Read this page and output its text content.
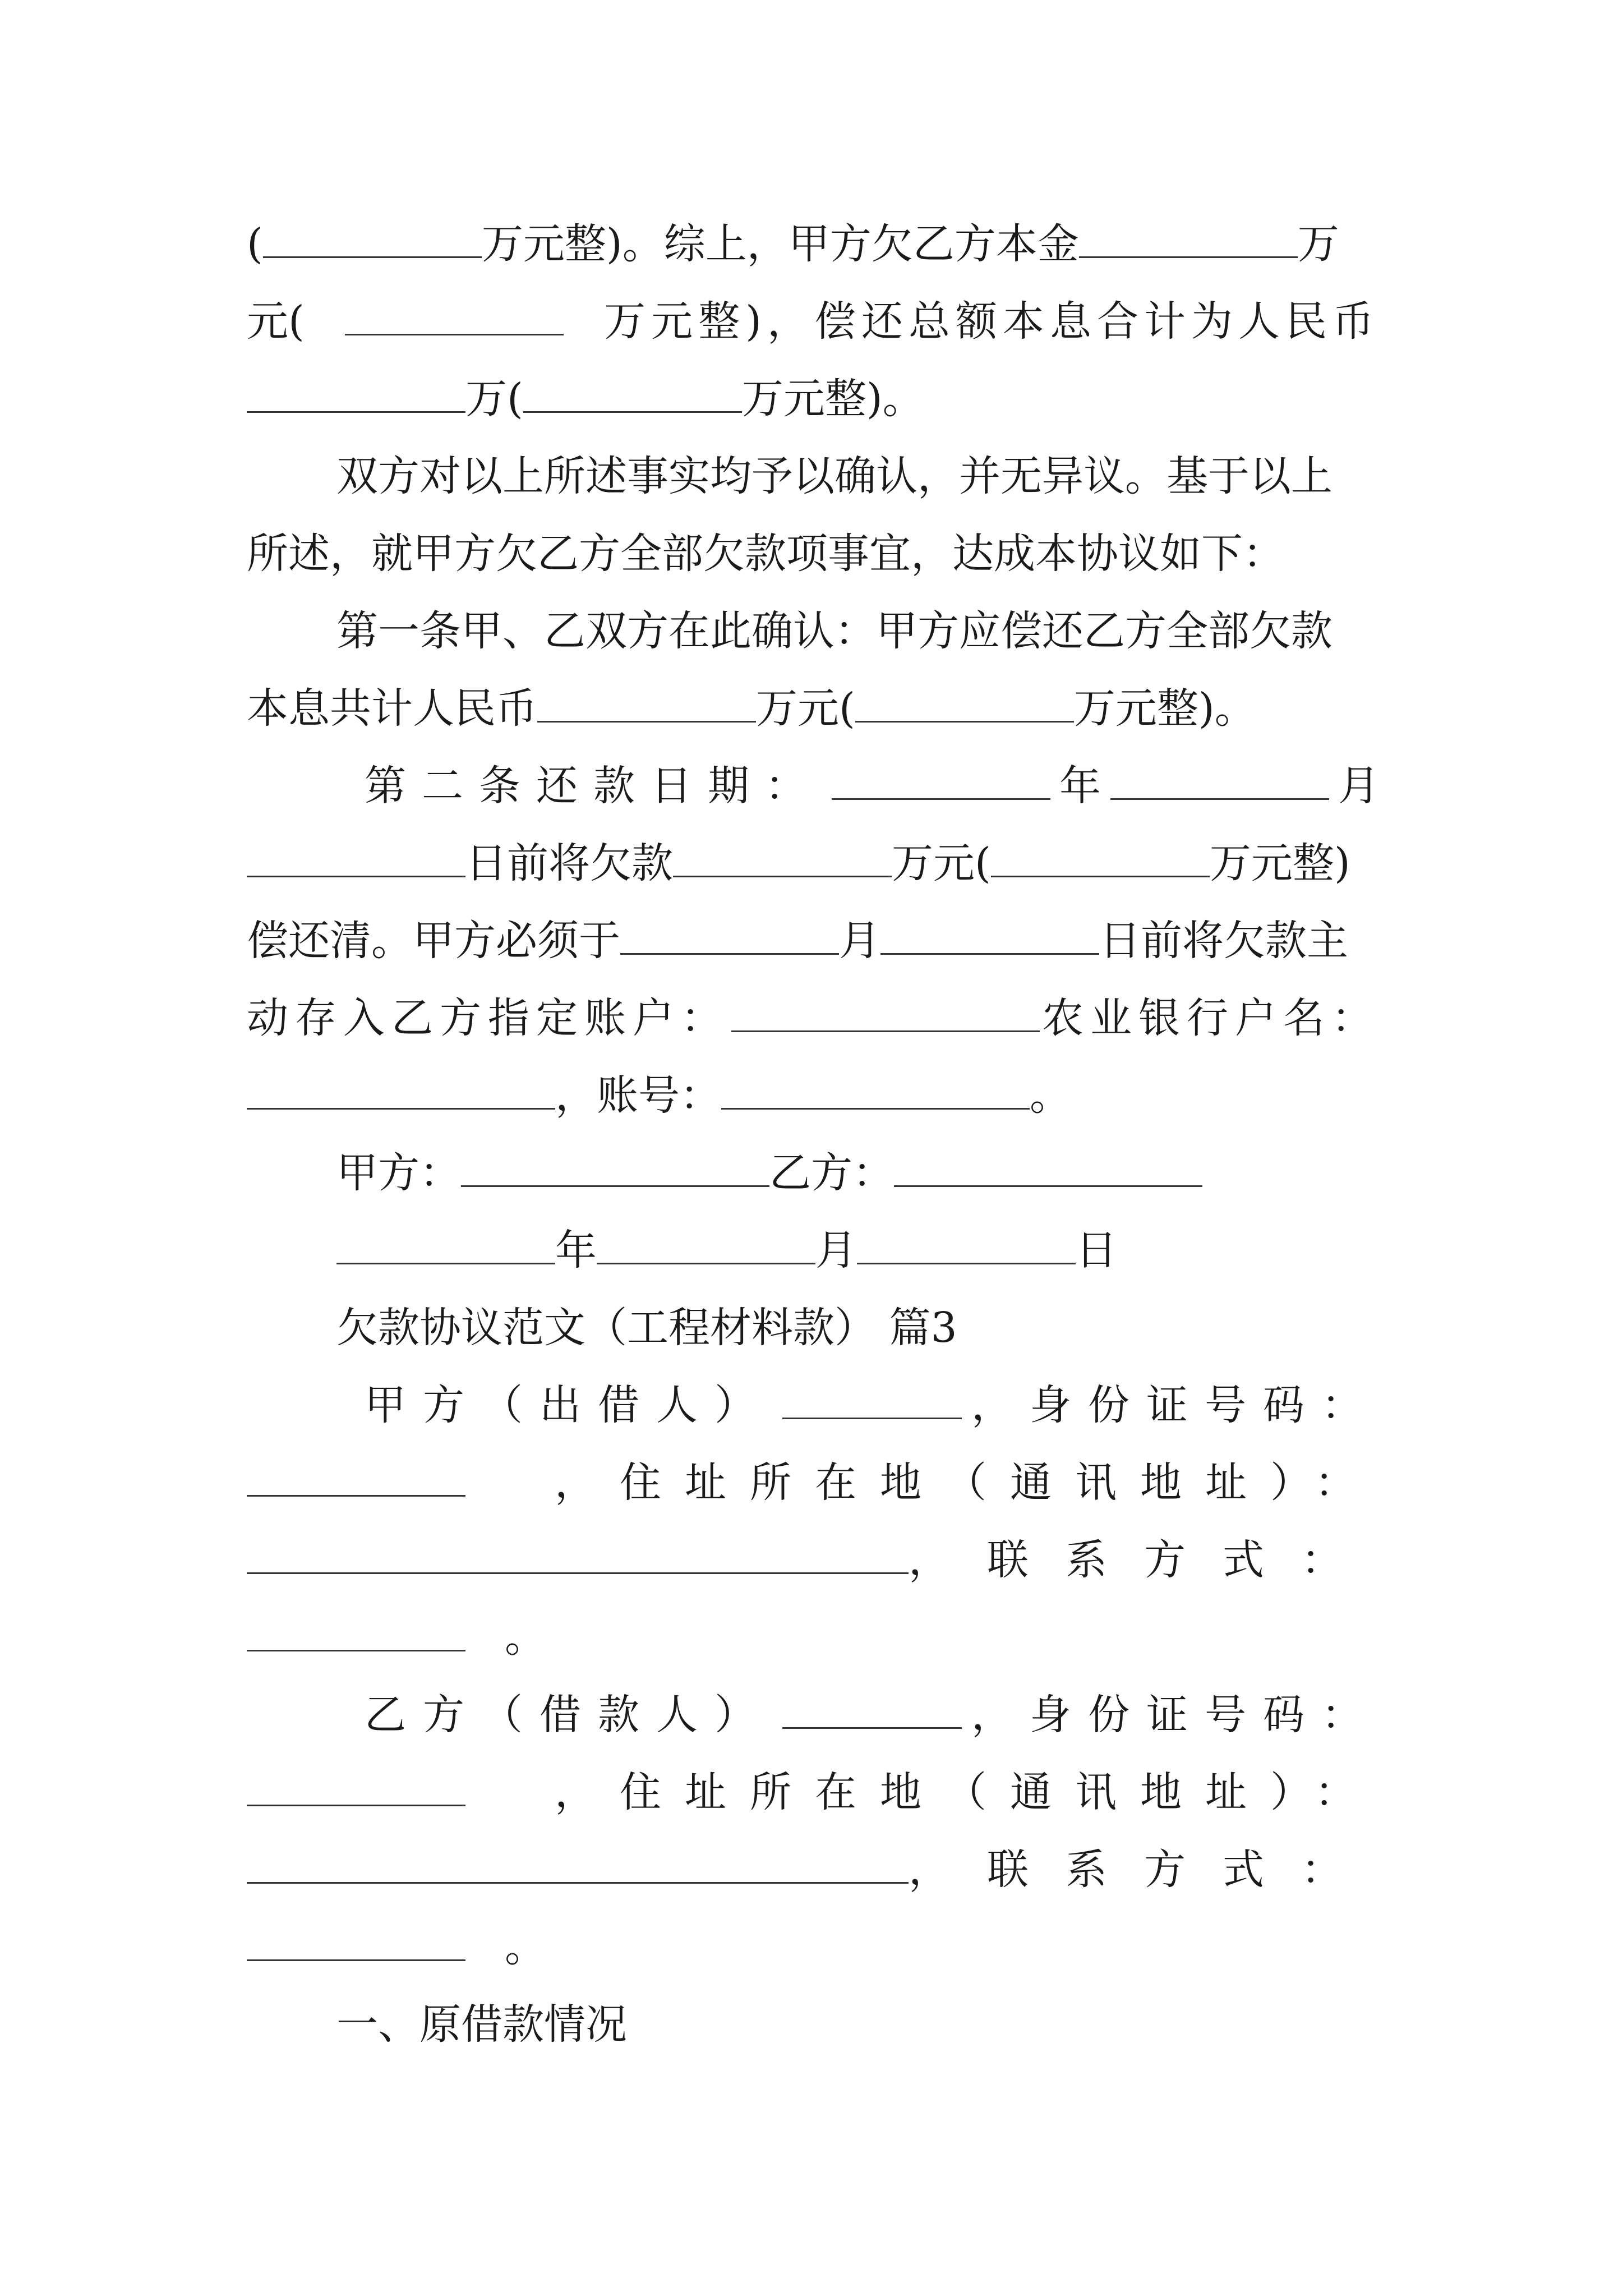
(	万元整)。综上，甲方欠乙方本金	万
元(	万元整)，偿还总额本息合计为人民币
万(	万元整)。
双方对以上所述事实均予以确认，并无异议。基于以上
所述，就甲方欠乙方全部欠款项事宜，达成本协议如下：
第一条甲、乙双方在此确认：甲方应偿还乙方全部欠款
本息共计人民币	万元(	万元整)。
第二条还款日期：	年	月
日前将欠款	万元(	万元整)
偿还清。甲方必须于	月	日前将欠款主
动存入乙方指定账户：	农业银行户名：
，账号：	。
甲方：	乙方：
年	月	日
欠款协议范文（工程材料款） 篇3
甲方（出借人）	，身份证号码：
，住址所在地（通讯地址）：
，联系方式：
。
乙方（借款人）	，身份证号码：
，住址所在地（通讯地址）：
，联系方式：
。
一、原借款情况
